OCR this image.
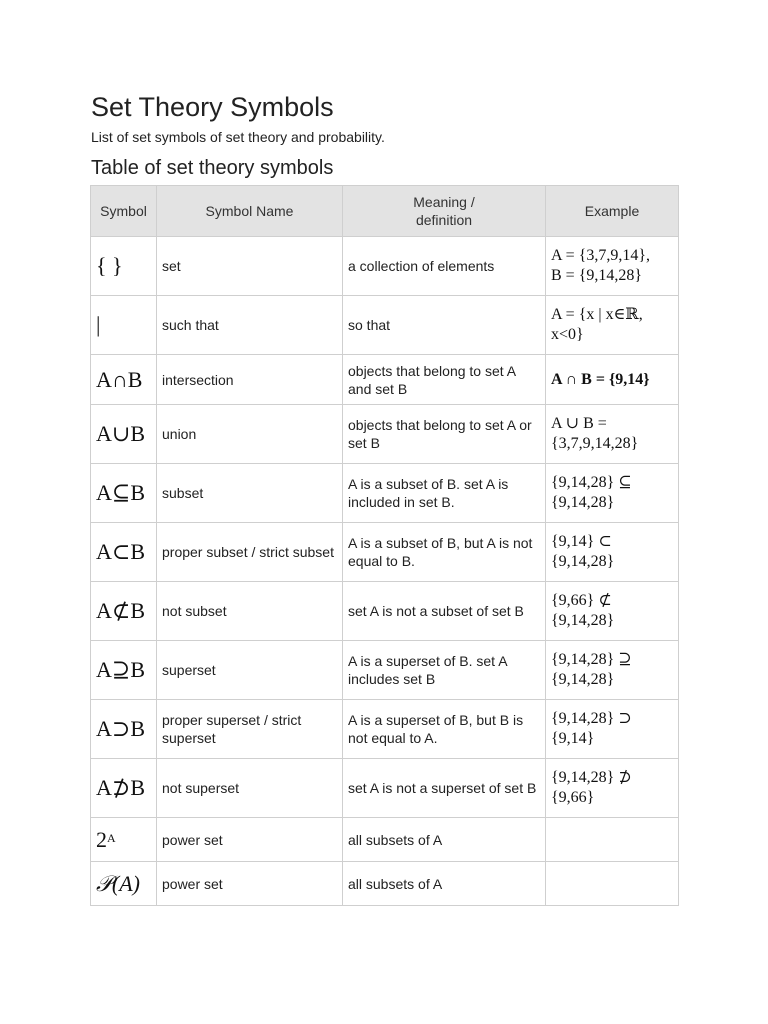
Set Theory Symbols

List of set symbols of set theory and probability.

Table of set theory symbols
Symbol	Symbol Name	Meaning /
definition	Example
{ }	set	a collection of elements	A = {3,7,9,14},
B = {9,14,28}
|	such that	so that	A = {x | x∈ℝ,
x<0}
A∩B	intersection	objects that belong to set A and set B	A ∩ B = {9,14}
A∪B	union	objects that belong to set A or set B	A ∪ B =
{3,7,9,14,28}
A⊆B	subset	A is a subset of B. set A is included in set B.	{9,14,28} ⊆
{9,14,28}
A⊂B	proper subset / strict subset	A is a subset of B, but A is not equal to B.	{9,14} ⊂
{9,14,28}
A⊄B	not subset	set A is not a subset of set B	{9,66} ⊄
{9,14,28}
A⊇B	superset	A is a superset of B. set A includes set B	{9,14,28} ⊇
{9,14,28}
A⊃B	proper superset / strict superset	A is a superset of B, but B is not equal to A.	{9,14,28} ⊃
{9,14}
A⊅B	not superset	set A is not a superset of set B	{9,14,28} ⊅
{9,66}
$2^A$	power set	all subsets of A	
𝒫(A)	power set	all subsets of A	
